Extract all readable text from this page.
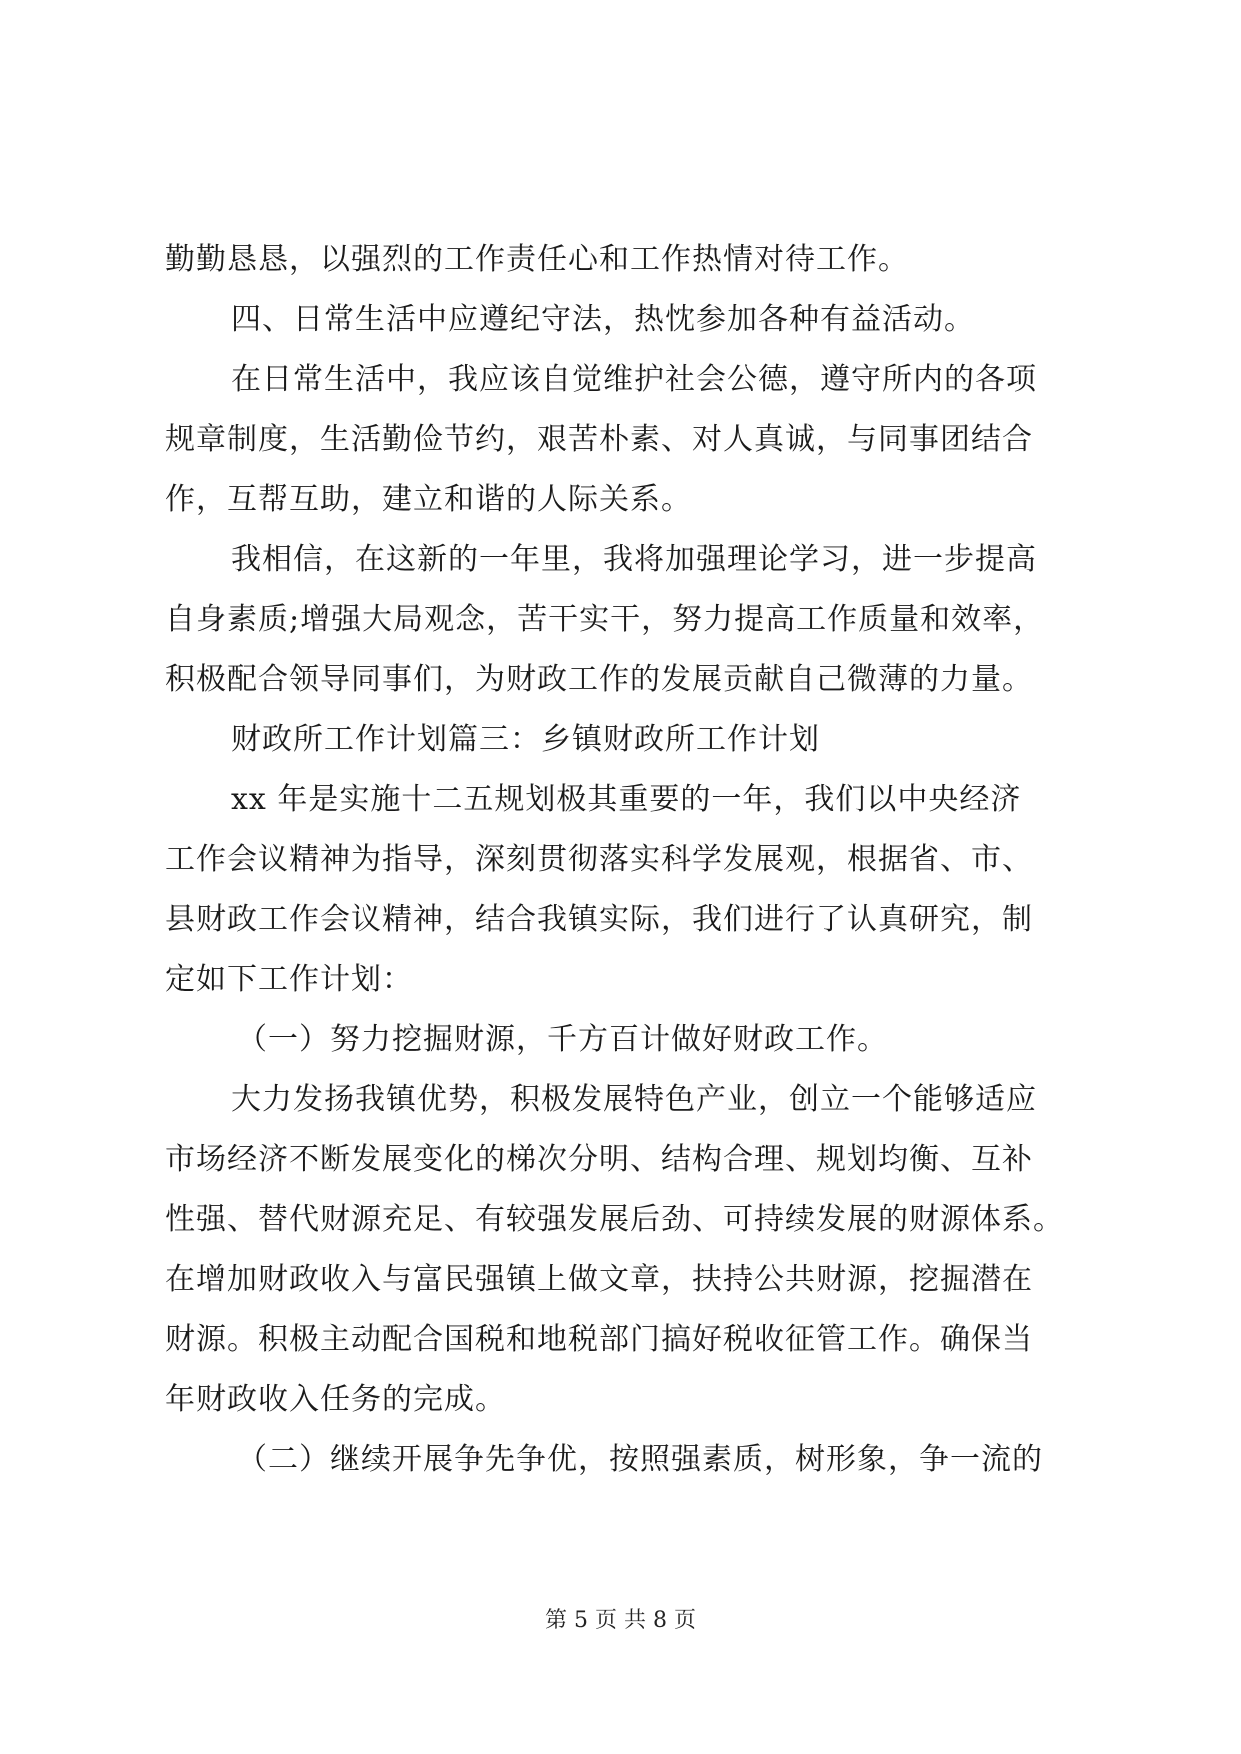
勤勤恳恳，以强烈的工作责任心和工作热情对待工作。
四、日常生活中应遵纪守法，热忱参加各种有益活动。
在日常生活中，我应该自觉维护社会公德，遵守所内的各项
规章制度，生活勤俭节约，艰苦朴素、对人真诚，与同事团结合
作，互帮互助，建立和谐的人际关系。
我相信，在这新的一年里，我将加强理论学习，进一步提高
自身素质;增强大局观念，苦干实干，努力提高工作质量和效率，
积极配合领导同事们，为财政工作的发展贡献自己微薄的力量。
财政所工作计划篇三：乡镇财政所工作计划
xx 年是实施十二五规划极其重要的一年，我们以中央经济
工作会议精神为指导，深刻贯彻落实科学发展观，根据省、市、
县财政工作会议精神，结合我镇实际，我们进行了认真研究，制
定如下工作计划：
（一）努力挖掘财源，千方百计做好财政工作。
大力发扬我镇优势，积极发展特色产业，创立一个能够适应
市场经济不断发展变化的梯次分明、结构合理、规划均衡、互补
性强、替代财源充足、有较强发展后劲、可持续发展的财源体系。
在增加财政收入与富民强镇上做文章，扶持公共财源，挖掘潜在
财源。积极主动配合国税和地税部门搞好税收征管工作。确保当
年财政收入任务的完成。
（二）继续开展争先争优，按照强素质，树形象，争一流的
第 5 页 共 8 页
